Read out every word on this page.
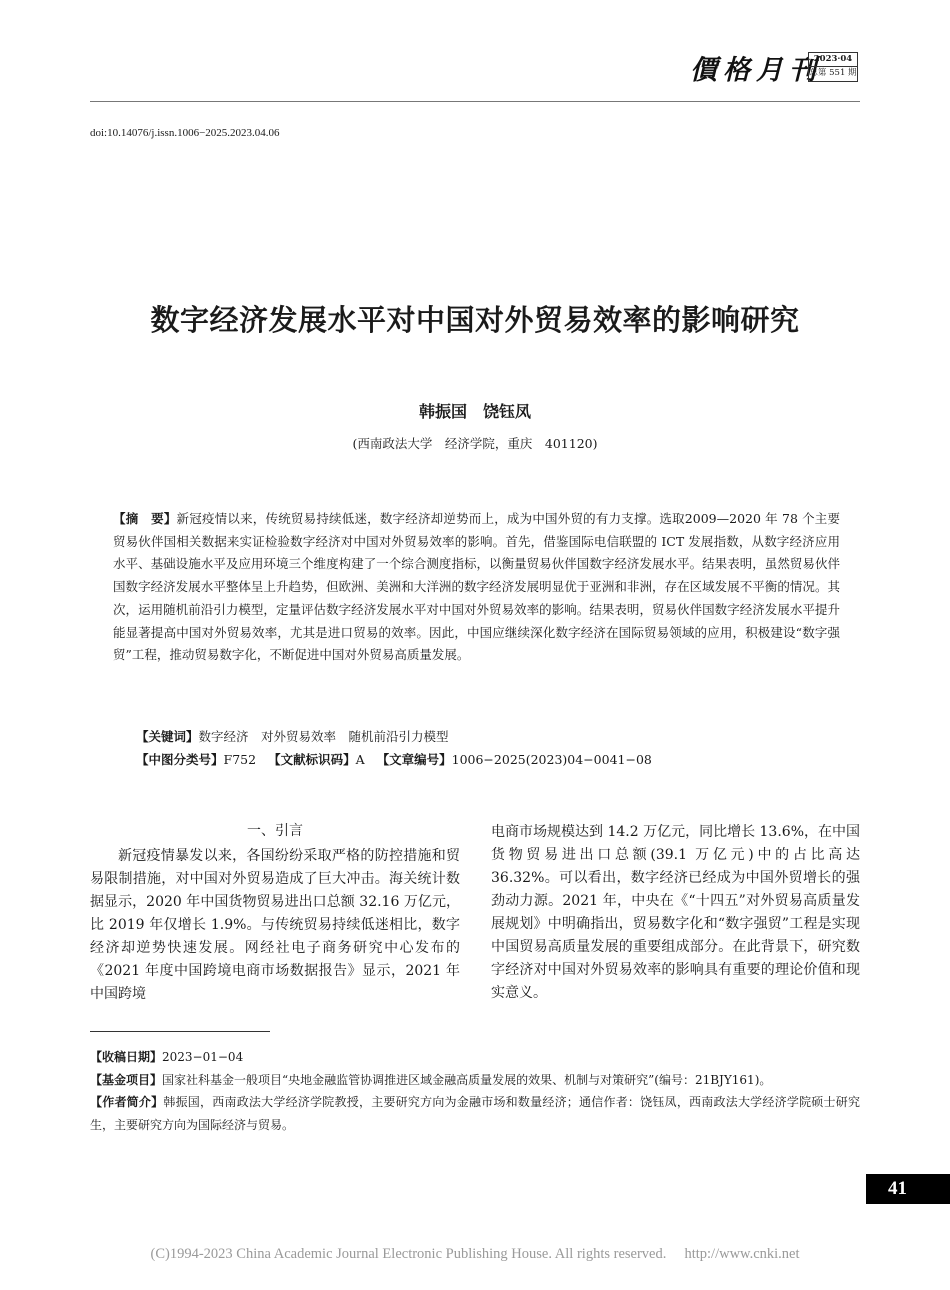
價格月刊
2023·04
总第 551 期
doi:10.14076/j.issn.1006−2025.2023.04.06
数字经济发展水平对中国对外贸易效率的影响研究
韩振国　饶钰凤
(西南政法大学　经济学院，重庆　401120)
【摘　要】新冠疫情以来，传统贸易持续低迷，数字经济却逆势而上，成为中国外贸的有力支撑。选取2009—2020 年 78 个主要贸易伙伴国相关数据来实证检验数字经济对中国对外贸易效率的影响。首先，借鉴国际电信联盟的 ICT 发展指数，从数字经济应用水平、基础设施水平及应用环境三个维度构建了一个综合测度指标，以衡量贸易伙伴国数字经济发展水平。结果表明，虽然贸易伙伴国数字经济发展水平整体呈上升趋势，但欧洲、美洲和大洋洲的数字经济发展明显优于亚洲和非洲，存在区域发展不平衡的情况。其次，运用随机前沿引力模型，定量评估数字经济发展水平对中国对外贸易效率的影响。结果表明，贸易伙伴国数字经济发展水平提升能显著提高中国对外贸易效率，尤其是进口贸易的效率。因此，中国应继续深化数字经济在国际贸易领域的应用，积极建设“数字强贸”工程，推动贸易数字化，不断促进中国对外贸易高质量发展。
【关键词】数字经济　对外贸易效率　随机前沿引力模型
【中图分类号】F752 【文献标识码】A 【文章编号】1006−2025(2023)04−0041−08
一、引言

新冠疫情暴发以来，各国纷纷采取严格的防控措施和贸易限制措施，对中国对外贸易造成了巨大冲击。海关统计数据显示，2020 年中国货物贸易进出口总额 32.16 万亿元，比 2019 年仅增长 1.9%。与传统贸易持续低迷相比，数字经济却逆势快速发展。网经社电子商务研究中心发布的《2021 年度中国跨境电商市场数据报告》显示，2021 年中国跨境

电商市场规模达到 14.2 万亿元，同比增长 13.6%，在中国货物贸易进出口总额(39.1 万亿元)中的占比高达 36.32%。可以看出，数字经济已经成为中国外贸增长的强劲动力源。2021 年，中央在《“十四五”对外贸易高质量发展规划》中明确指出，贸易数字化和“数字强贸”工程是实现中国贸易高质量发展的重要组成部分。在此背景下，研究数字经济对中国对外贸易效率的影响具有重要的理论价值和现实意义。

【收稿日期】2023−01−04

【基金项目】国家社科基金一般项目“央地金融监管协调推进区域金融高质量发展的效果、机制与对策研究”(编号：21BJY161)。

【作者简介】韩振国，西南政法大学经济学院教授，主要研究方向为金融市场和数量经济；通信作者：饶钰凤，西南政法大学经济学院硕士研究生，主要研究方向为国际经济与贸易。

41
(C)1994-2023 China Academic Journal Electronic Publishing House. All rights reserved.　 http://www.cnki.net
